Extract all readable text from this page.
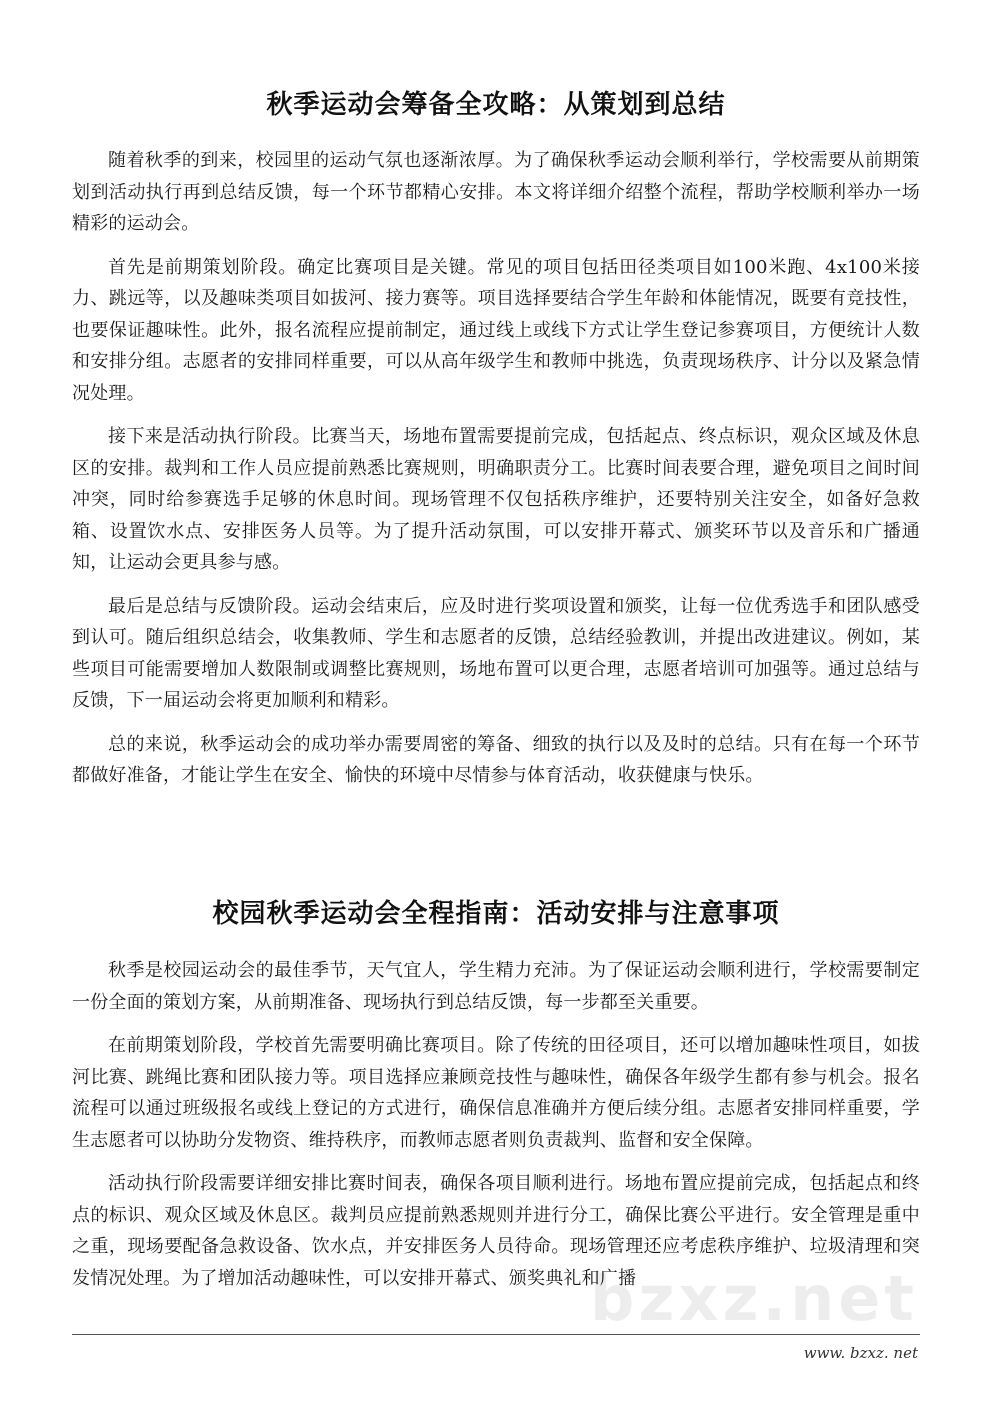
秋季运动会筹备全攻略：从策划到总结

随着秋季的到来，校园里的运动气氛也逐渐浓厚。为了确保秋季运动会顺利举行，学校需要从前期策划到活动执行再到总结反馈，每一个环节都精心安排。本文将详细介绍整个流程，帮助学校顺利举办一场精彩的运动会。

首先是前期策划阶段。确定比赛项目是关键。常见的项目包括田径类项目如100米跑、4x100米接力、跳远等，以及趣味类项目如拔河、接力赛等。项目选择要结合学生年龄和体能情况，既要有竞技性，也要保证趣味性。此外，报名流程应提前制定，通过线上或线下方式让学生登记参赛项目，方便统计人数和安排分组。志愿者的安排同样重要，可以从高年级学生和教师中挑选，负责现场秩序、计分以及紧急情况处理。

接下来是活动执行阶段。比赛当天，场地布置需要提前完成，包括起点、终点标识，观众区域及休息区的安排。裁判和工作人员应提前熟悉比赛规则，明确职责分工。比赛时间表要合理，避免项目之间时间冲突，同时给参赛选手足够的休息时间。现场管理不仅包括秩序维护，还要特别关注安全，如备好急救箱、设置饮水点、安排医务人员等。为了提升活动氛围，可以安排开幕式、颁奖环节以及音乐和广播通知，让运动会更具参与感。

最后是总结与反馈阶段。运动会结束后，应及时进行奖项设置和颁奖，让每一位优秀选手和团队感受到认可。随后组织总结会，收集教师、学生和志愿者的反馈，总结经验教训，并提出改进建议。例如，某些项目可能需要增加人数限制或调整比赛规则，场地布置可以更合理，志愿者培训可加强等。通过总结与反馈，下一届运动会将更加顺利和精彩。

总的来说，秋季运动会的成功举办需要周密的筹备、细致的执行以及及时的总结。只有在每一个环节都做好准备，才能让学生在安全、愉快的环境中尽情参与体育活动，收获健康与快乐。

校园秋季运动会全程指南：活动安排与注意事项

秋季是校园运动会的最佳季节，天气宜人，学生精力充沛。为了保证运动会顺利进行，学校需要制定一份全面的策划方案，从前期准备、现场执行到总结反馈，每一步都至关重要。

在前期策划阶段，学校首先需要明确比赛项目。除了传统的田径项目，还可以增加趣味性项目，如拔河比赛、跳绳比赛和团队接力等。项目选择应兼顾竞技性与趣味性，确保各年级学生都有参与机会。报名流程可以通过班级报名或线上登记的方式进行，确保信息准确并方便后续分组。志愿者安排同样重要，学生志愿者可以协助分发物资、维持秩序，而教师志愿者则负责裁判、监督和安全保障。

活动执行阶段需要详细安排比赛时间表，确保各项目顺利进行。场地布置应提前完成，包括起点和终点的标识、观众区域及休息区。裁判员应提前熟悉规则并进行分工，确保比赛公平进行。安全管理是重中之重，现场要配备急救设备、饮水点，并安排医务人员待命。现场管理还应考虑秩序维护、垃圾清理和突发情况处理。为了增加活动趣味性，可以安排开幕式、颁奖典礼和广播

bzxz.net
www. bzxz. net
